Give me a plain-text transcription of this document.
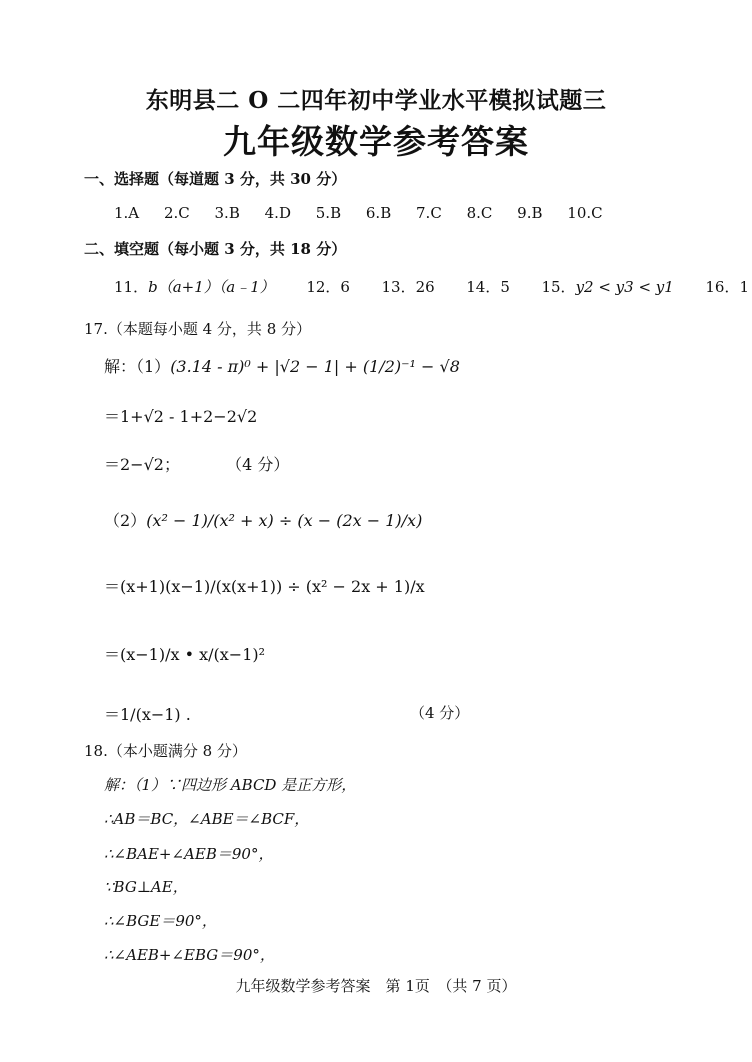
东明县二 O 二四年初中学业水平模拟试题三
九年级数学参考答案
一、选择题（每道题 3 分，共 30 分）
1.A 2.C 3.B 4.D 5.B 6.B 7.C 8.C 9.B 10.C
二、填空题（每小题 3 分，共 18 分）
11．b（a+1）（a﹣1） 12．6 13．26 14．5 15．y2 < y3 < y1 16．1
17.（本题每小题 4 分，共 8 分）
解：（1）(3.14 - π)⁰ + |√2 − 1| + (1/2)⁻¹ − √8
＝1+√2 - 1+2−2√2
＝2−√2；	（4 分）
（2）(x² − 1)/(x² + x) ÷ (x − (2x − 1)/x)
＝(x+1)(x−1)/(x(x+1)) ÷ (x² − 2x + 1)/x
＝(x−1)/x • x/(x−1)²
＝1/(x−1) .	（4 分）
18.（本小题满分 8 分）
解：（1）∵四边形 ABCD 是正方形，
∴AB＝BC，∠ABE＝∠BCF，
∴∠BAE+∠AEB＝90°，
∵BG⊥AE，
∴∠BGE＝90°，
∴∠AEB+∠EBG＝90°，
九年级数学参考答案　第 1页　（共 7 页）
